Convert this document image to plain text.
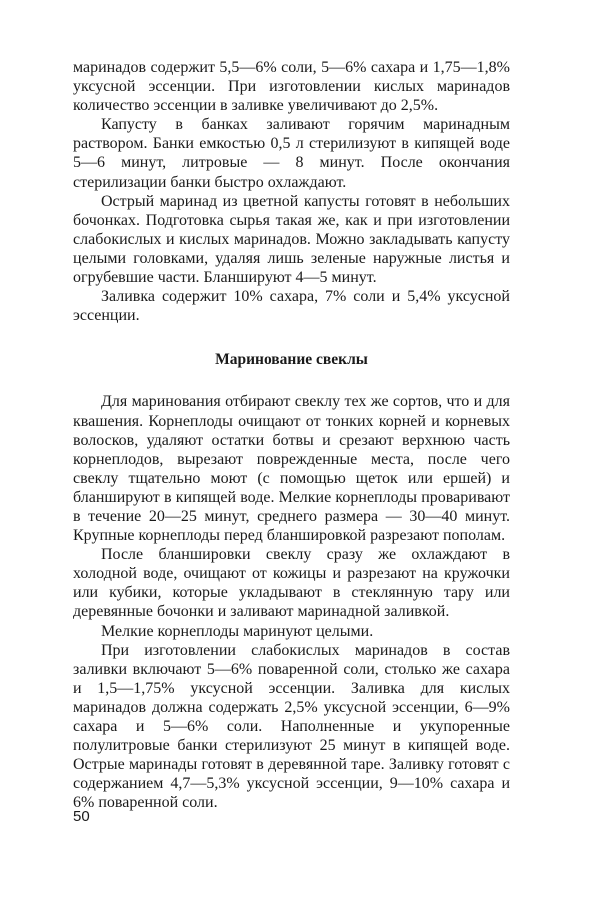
маринадов содержит 5,5—6% соли, 5—6% сахара и 1,75—1,8% уксусной эссенции. При изготовлении кислых маринадов количество эссенции в заливке увеличивают до 2,5%.

Капусту в банках заливают горячим маринадным раствором. Банки емкостью 0,5 л стерилизуют в кипящей воде 5—6 минут, литровые — 8 минут. После окончания стерилизации банки быстро охлаждают.

Острый маринад из цветной капусты готовят в небольших бочонках. Подготовка сырья такая же, как и при изготовлении слабокислых и кислых маринадов. Можно закладывать капусту целыми головками, удаляя лишь зеленые наружные листья и огрубевшие части. Бланшируют 4—5 минут.

Заливка содержит 10% сахара, 7% соли и 5,4% уксусной эссенции.

Маринование свеклы

Для маринования отбирают свеклу тех же сортов, что и для квашения. Корнеплоды очищают от тонких корней и корневых волосков, удаляют остатки ботвы и срезают верхнюю часть корнеплодов, вырезают поврежденные места, после чего свеклу тщательно моют (с помощью щеток или ершей) и бланшируют в кипящей воде. Мелкие корнеплоды проваривают в течение 20—25 минут, среднего размера — 30—40 минут. Крупные корнеплоды перед бланшировкой разрезают пополам.

После бланшировки свеклу сразу же охлаждают в холодной воде, очищают от кожицы и разрезают на кружочки или кубики, которые укладывают в стеклянную тару или деревянные бочонки и заливают маринадной заливкой.

Мелкие корнеплоды маринуют целыми.

При изготовлении слабокислых маринадов в состав заливки включают 5—6% поваренной соли, столько же сахара и 1,5—1,75% уксусной эссенции. Заливка для кислых маринадов должна содержать 2,5% уксусной эссенции, 6—9% сахара и 5—6% соли. Наполненные и укупоренные полулитровые банки стерилизуют 25 минут в кипящей воде. Острые маринады готовят в деревянной таре. Заливку готовят с содержанием 4,7—5,3% уксусной эссенции, 9—10% сахара и 6% поваренной соли.

50
